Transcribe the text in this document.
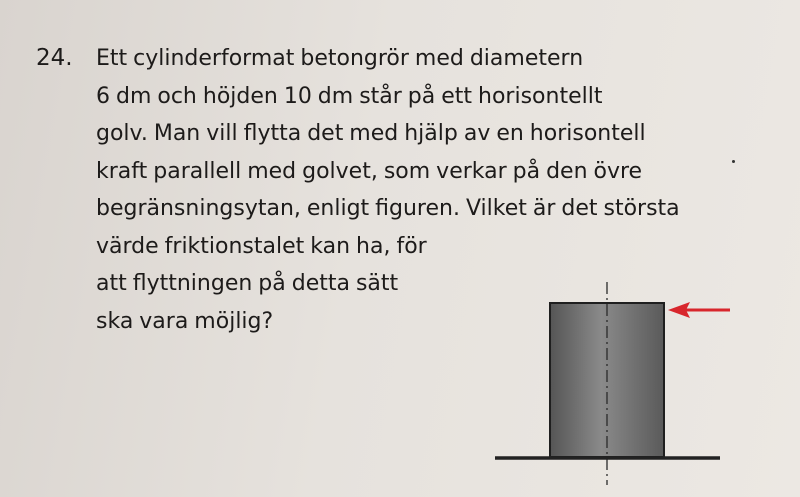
24. Ett cylinderformat betongrör med diametern
6 dm och höjden 10 dm står på ett horisontellt
golv. Man vill flytta det med hjälp av en horisontell
kraft parallell med golvet, som verkar på den övre
begränsningsytan, enligt figuren. Vilket är det största
värde friktionstalet kan ha, för
att flyttningen på detta sätt
ska vara möjlig?
